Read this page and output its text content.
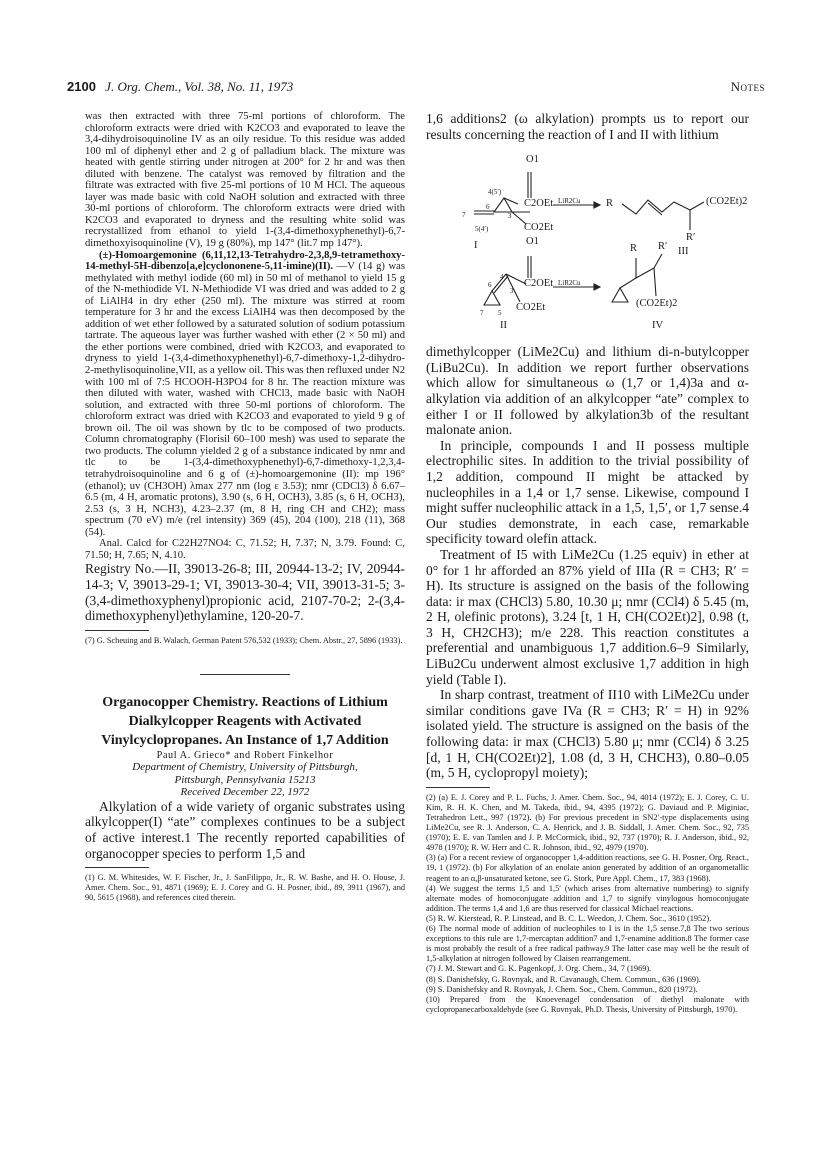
2100 J. Org. Chem., Vol. 38, No. 11, 1973	Notes

was then extracted with three 75-ml portions of chloroform. The chloroform extracts were dried with K2CO3 and evaporated to leave the 3,4-dihydroisoquinoline IV as an oily residue. To this residue was added 100 ml of diphenyl ether and 2 g of palladium black. The mixture was heated with gentle stirring under nitrogen at 200° for 2 hr and was then diluted with benzene. The catalyst was removed by filtration and the filtrate was extracted with five 25-ml portions of 10 M HCl. The aqueous layer was made basic with cold NaOH solution and extracted with three 30-ml portions of chloroform. The chloroform extracts were dried with K2CO3 and evaporated to dryness and the resulting white solid was recrystallized from ethanol to yield 1-(3,4-dimethoxyphenethyl)-6,7-dimethoxyisoquinoline (V), 19 g (80%), mp 147° (lit.7 mp 147°).

(±)-Homoargemonine (6,11,12,13-Tetrahydro-2,3,8,9-tetramethoxy-14-methyl-5H-dibenzo[a,e]cyclononene-5,11-imine)(II). —V (14 g) was methylated with methyl iodide (60 ml) in 50 ml of methanol to yield 15 g of the N-methiodide VI. N-Methiodide VI was dried and was added to 2 g of LiAlH4 in dry ether (250 ml). The mixture was stirred at room temperature for 3 hr and the excess LiAlH4 was then decomposed by the addition of wet ether followed by a saturated solution of sodium potassium tartrate. The aqueous layer was further washed with ether (2 × 50 ml) and the ether portions were combined, dried with K2CO3, and evaporated to dryness to yield 1-(3,4-dimethoxyphenethyl)-6,7-dimethoxy-1,2-dihydro-2-methylisoquinoline,VII, as a yellow oil. This was then refluxed under N2 with 100 ml of 7:5 HCOOH-H3PO4 for 8 hr. The reaction mixture was then diluted with water, washed with CHCl3, made basic with NaOH solution, and extracted with three 50-ml portions of chloroform. The chloroform extract was dried with K2CO3 and evaporated to yield 9 g of brown oil. The oil was shown by tlc to be composed of two products. Column chromatography (Florisil 60–100 mesh) was used to separate the two products. The column yielded 2 g of a substance indicated by nmr and tlc to be 1-(3,4-dimethoxyphenethyl)-6,7-dimethoxy-1,2,3,4-tetrahydroisoquinoline and 6 g of (±)-homoargemonine (II): mp 196° (ethanol); uv (CH3OH) λmax 277 nm (log ε 3.53); nmr (CDCl3) δ 6.67–6.5 (m, 4 H, aromatic protons), 3.90 (s, 6 H, OCH3), 3.85 (s, 6 H, OCH3), 2.53 (s, 3 H, NCH3), 4.23–2.37 (m, 8 H, ring CH and CH2); mass spectrum (70 eV) m/e (rel intensity) 369 (45), 204 (100), 218 (11), 368 (54).

Anal. Calcd for C22H27NO4: C, 71.52; H, 7.37; N, 3.79. Found: C, 71.50; H, 7.65; N, 4.10.

Registry No.—II, 39013-26-8; III, 20944-13-2; IV, 20944-14-3; V, 39013-29-1; VI, 39013-30-4; VII, 39013-31-5; 3-(3,4-dimethoxyphenyl)propionic acid, 2107-70-2; 2-(3,4-dimethoxyphenyl)ethylamine, 120-20-7.

(7) G. Scheuing and B. Walach, German Patent 576,532 (1933); Chem. Abstr., 27, 5896 (1933).

Organocopper Chemistry. Reactions of Lithium Dialkylcopper Reagents with Activated Vinylcyclopropanes. An Instance of 1,7 Addition

Paul A. Grieco* and Robert Finkelhor

Department of Chemistry, University of Pittsburgh,
Pittsburgh, Pennsylvania 15213

Received December 22, 1972

Alkylation of a wide variety of organic substrates using alkylcopper(I) “ate” complexes continues to be a subject of active interest.1 The recently reported capabilities of organocopper species to perform 1,5 and

(1) G. M. Whitesides, W. F. Fischer, Jr., J. SanFilippo, Jr., R. W. Bashe, and H. O. House, J. Amer. Chem. Soc., 91, 4871 (1969); E. J. Corey and G. H. Posner, ibid., 89, 3911 (1967), and 90, 5615 (1968), and references cited therein.

1,6 additions2 (ω alkylation) prompts us to report our results concerning the reaction of I and II with lithium

O1
7
6
4(5′)
3
5(4′)
C2OEt
CO2Et
I
LiR2Cu R	(CO2Et)2
R′
III
O1
C2OEt
6
4
3
7 5 CO2Et
II
LiR2Cu
R R′
(CO2Et)2
IV

dimethylcopper (LiMe2Cu) and lithium di-n-butylcopper (LiBu2Cu). In addition we report further observations which allow for simultaneous ω (1,7 or 1,4)3a and α-alkylation via addition of an alkylcopper “ate” complex to either I or II followed by alkylation3b of the resultant malonate anion.

In principle, compounds I and II possess multiple electrophilic sites. In addition to the trivial possibility of 1,2 addition, compound II might be attacked by nucleophiles in a 1,4 or 1,7 sense. Likewise, compound I might suffer nucleophilic attack in a 1,5, 1,5′, or 1,7 sense.4 Our studies demonstrate, in each case, remarkable specificity toward olefin attack.

Treatment of I5 with LiMe2Cu (1.25 equiv) in ether at 0° for 1 hr afforded an 87% yield of IIIa (R = CH3; R′ = H). Its structure is assigned on the basis of the following data: ir max (CHCl3) 5.80, 10.30 μ; nmr (CCl4) δ 5.45 (m, 2 H, olefinic protons), 3.24 [t, 1 H, CH(CO2Et)2], 0.98 (t, 3 H, CH2CH3); m/e 228. This reaction constitutes a preferential and unambiguous 1,7 addition.6–9 Similarly, LiBu2Cu underwent almost exclusive 1,7 addition in high yield (Table I).

In sharp contrast, treatment of II10 with LiMe2Cu under similar conditions gave IVa (R = CH3; R′ = H) in 92% isolated yield. The structure is assigned on the basis of the following data: ir max (CHCl3) 5.80 μ; nmr (CCl4) δ 3.25 [d, 1 H, CH(CO2Et)2], 1.08 (d, 3 H, CHCH3), 0.80–0.05 (m, 5 H, cyclopropyl moiety);

(2) (a) E. J. Corey and P. L. Fuchs, J. Amer. Chem. Soc., 94, 4014 (1972); E. J. Corey, C. U. Kim, R. H. K. Chen, and M. Takeda, ibid., 94, 4395 (1972); G. Daviaud and P. Miginiac, Tetrahedron Lett., 997 (1972). (b) For previous precedent in SN2′-type displacements using LiMe2Cu, see R. J. Anderson, C. A. Henrick, and J. B. Siddall, J. Amer. Chem. Soc., 92, 735 (1970); E. E. van Tamlen and J. P. McCormick, ibid., 92, 737 (1970); R. J. Anderson, ibid., 92, 4978 (1970); R. W. Herr and C. R. Johnson, ibid., 92, 4979 (1970).

(3) (a) For a recent review of organocopper 1,4-addition reactions, see G. H. Posner, Org. React., 19, 1 (1972). (b) For alkylation of an enolate anion generated by addition of an organometallic reagent to an α,β-unsaturated ketone, see G. Stork, Pure Appl. Chem., 17, 383 (1968).

(4) We suggest the terms 1,5 and 1,5′ (which arises from alternative numbering) to signify alternate modes of homoconjugate addition and 1,7 to signify vinylogous homoconjugate addition. The terms 1,4 and 1,6 are thus reserved for classical Michael reactions.

(5) R. W. Kierstead, R. P. Linstead, and B. C. L. Weedon, J. Chem. Soc., 3610 (1952).

(6) The normal mode of addition of nucleophiles to I is in the 1,5 sense.7,8 The two serious exceptions to this rule are 1,7-mercaptan addition7 and 1,7-enamine addition.8 The former case is most probably the result of a free radical pathway.9 The latter case may well be the result of 1,5-alkylation at nitrogen followed by Claisen rearrangement.

(7) J. M. Stewart and G. K. Pagenkopf, J. Org. Chem., 34, 7 (1969).

(8) S. Danishefsky, G. Rovnyak, and R. Cavanaugh, Chem. Commun., 636 (1969).

(9) S. Danishefsky and R. Rovnyak, J. Chem. Soc., Chem. Commun., 820 (1972).

(10) Prepared from the Knoevenagel condensation of diethyl malonate with cyclopropanecarboxaldehyde (see G. Rovnyak, Ph.D. Thesis, University of Pittsburgh, 1970).
